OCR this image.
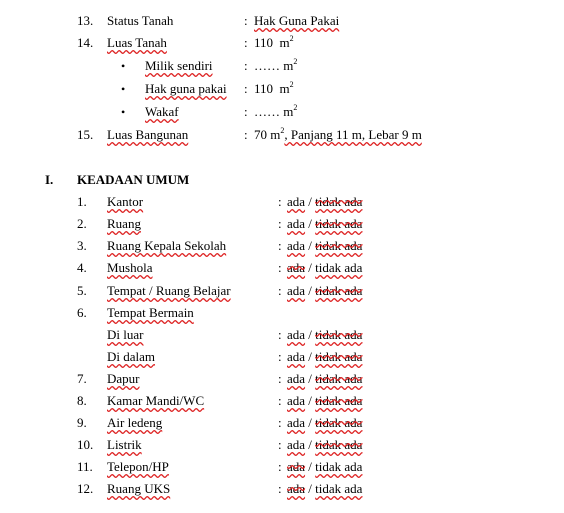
13. Status Tanah	: Hak Guna Pakai
14. Luas Tanah	: 110 $m^2$
• Milik sendiri : …… $m^2$
• Hak guna pakai : 110 $m^2$
• Wakaf	: …… $m^2$
15. Luas Bangunan	: 70 $m^2$, Panjang 11 m, Lebar 9 m
I. KEADAAN UMUM
1. Kantor	: ada / tidak ada
2. Ruang	: ada / tidak ada
3. Ruang Kepala Sekolah	: ada / tidak ada
4. Mushola	: ada / tidak ada
5. Tempat / Ruang Belajar	: ada / tidak ada
6. Tempat Bermain
Di luar	: ada / tidak ada
Di dalam	: ada / tidak ada
7. Dapur	: ada / tidak ada
8. Kamar Mandi/WC	: ada / tidak ada
9. Air ledeng	: ada / tidak ada
10. Listrik	: ada / tidak ada
11. Telepon/HP	: ada / tidak ada
12. Ruang UKS	: ada / tidak ada
